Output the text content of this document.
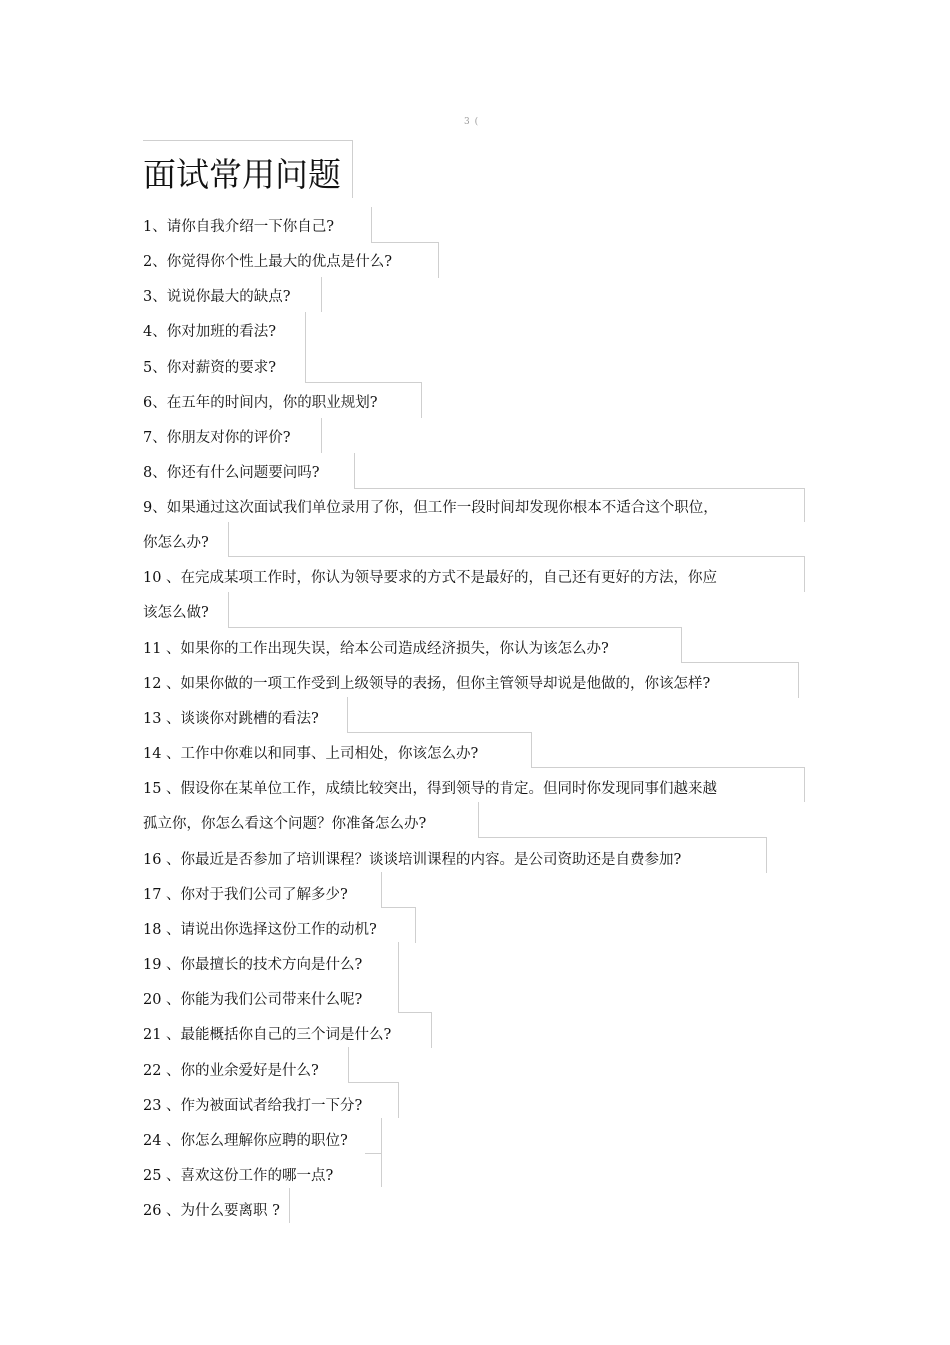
3 (
面试常用问题
1、请你自我介绍一下你自己?
2、你觉得你个性上最大的优点是什么?
3、说说你最大的缺点?
4、你对加班的看法?
5、你对薪资的要求?
6、在五年的时间内，你的职业规划?
7、你朋友对你的评价?
8、你还有什么问题要问吗?
9、如果通过这次面试我们单位录用了你，但工作一段时间却发现你根本不适合这个职位，
你怎么办?
10 、在完成某项工作时，你认为领导要求的方式不是最好的，自己还有更好的方法，你应
该怎么做?
11 、如果你的工作出现失误，给本公司造成经济损失，你认为该怎么办?
12 、如果你做的一项工作受到上级领导的表扬，但你主管领导却说是他做的，你该怎样?
13 、谈谈你对跳槽的看法?
14 、工作中你难以和同事、上司相处，你该怎么办?
15 、假设你在某单位工作，成绩比较突出，得到领导的肯定。但同时你发现同事们越来越
孤立你，你怎么看这个问题？你准备怎么办?
16 、你最近是否参加了培训课程？谈谈培训课程的内容。是公司资助还是自费参加?
17 、你对于我们公司了解多少?
18 、请说出你选择这份工作的动机?
19 、你最擅长的技术方向是什么?
20 、你能为我们公司带来什么呢?
21 、最能概括你自己的三个词是什么?
22 、你的业余爱好是什么?
23 、作为被面试者给我打一下分?
24 、你怎么理解你应聘的职位?
25 、喜欢这份工作的哪一点?
26 、为什么要离职 ?
